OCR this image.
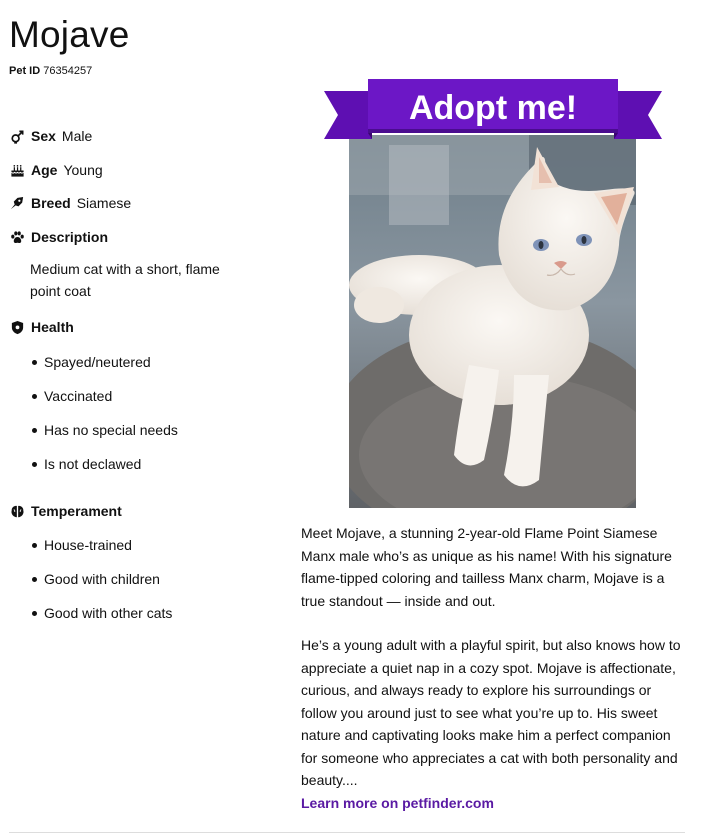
Mojave
Pet ID 76354257
Sex Male
Age Young
Breed Siamese
Description
Medium cat with a short, flame point coat
Health
Spayed/neutered
Vaccinated
Has no special needs
Is not declawed
Temperament
House-trained
Good with children
Good with other cats
Adopt me!

Meet Mojave, a stunning 2-year-old Flame Point Siamese Manx male who’s as unique as his name! With his signature flame-tipped coloring and tailless Manx charm, Mojave is a true standout — inside and out.

He’s a young adult with a playful spirit, but also knows how to appreciate a quiet nap in a cozy spot. Mojave is affectionate, curious, and always ready to explore his surroundings or follow you around just to see what you’re up to. His sweet nature and captivating looks make him a perfect companion for someone who appreciates a cat with both personality and beauty....

Learn more on petfinder.com
